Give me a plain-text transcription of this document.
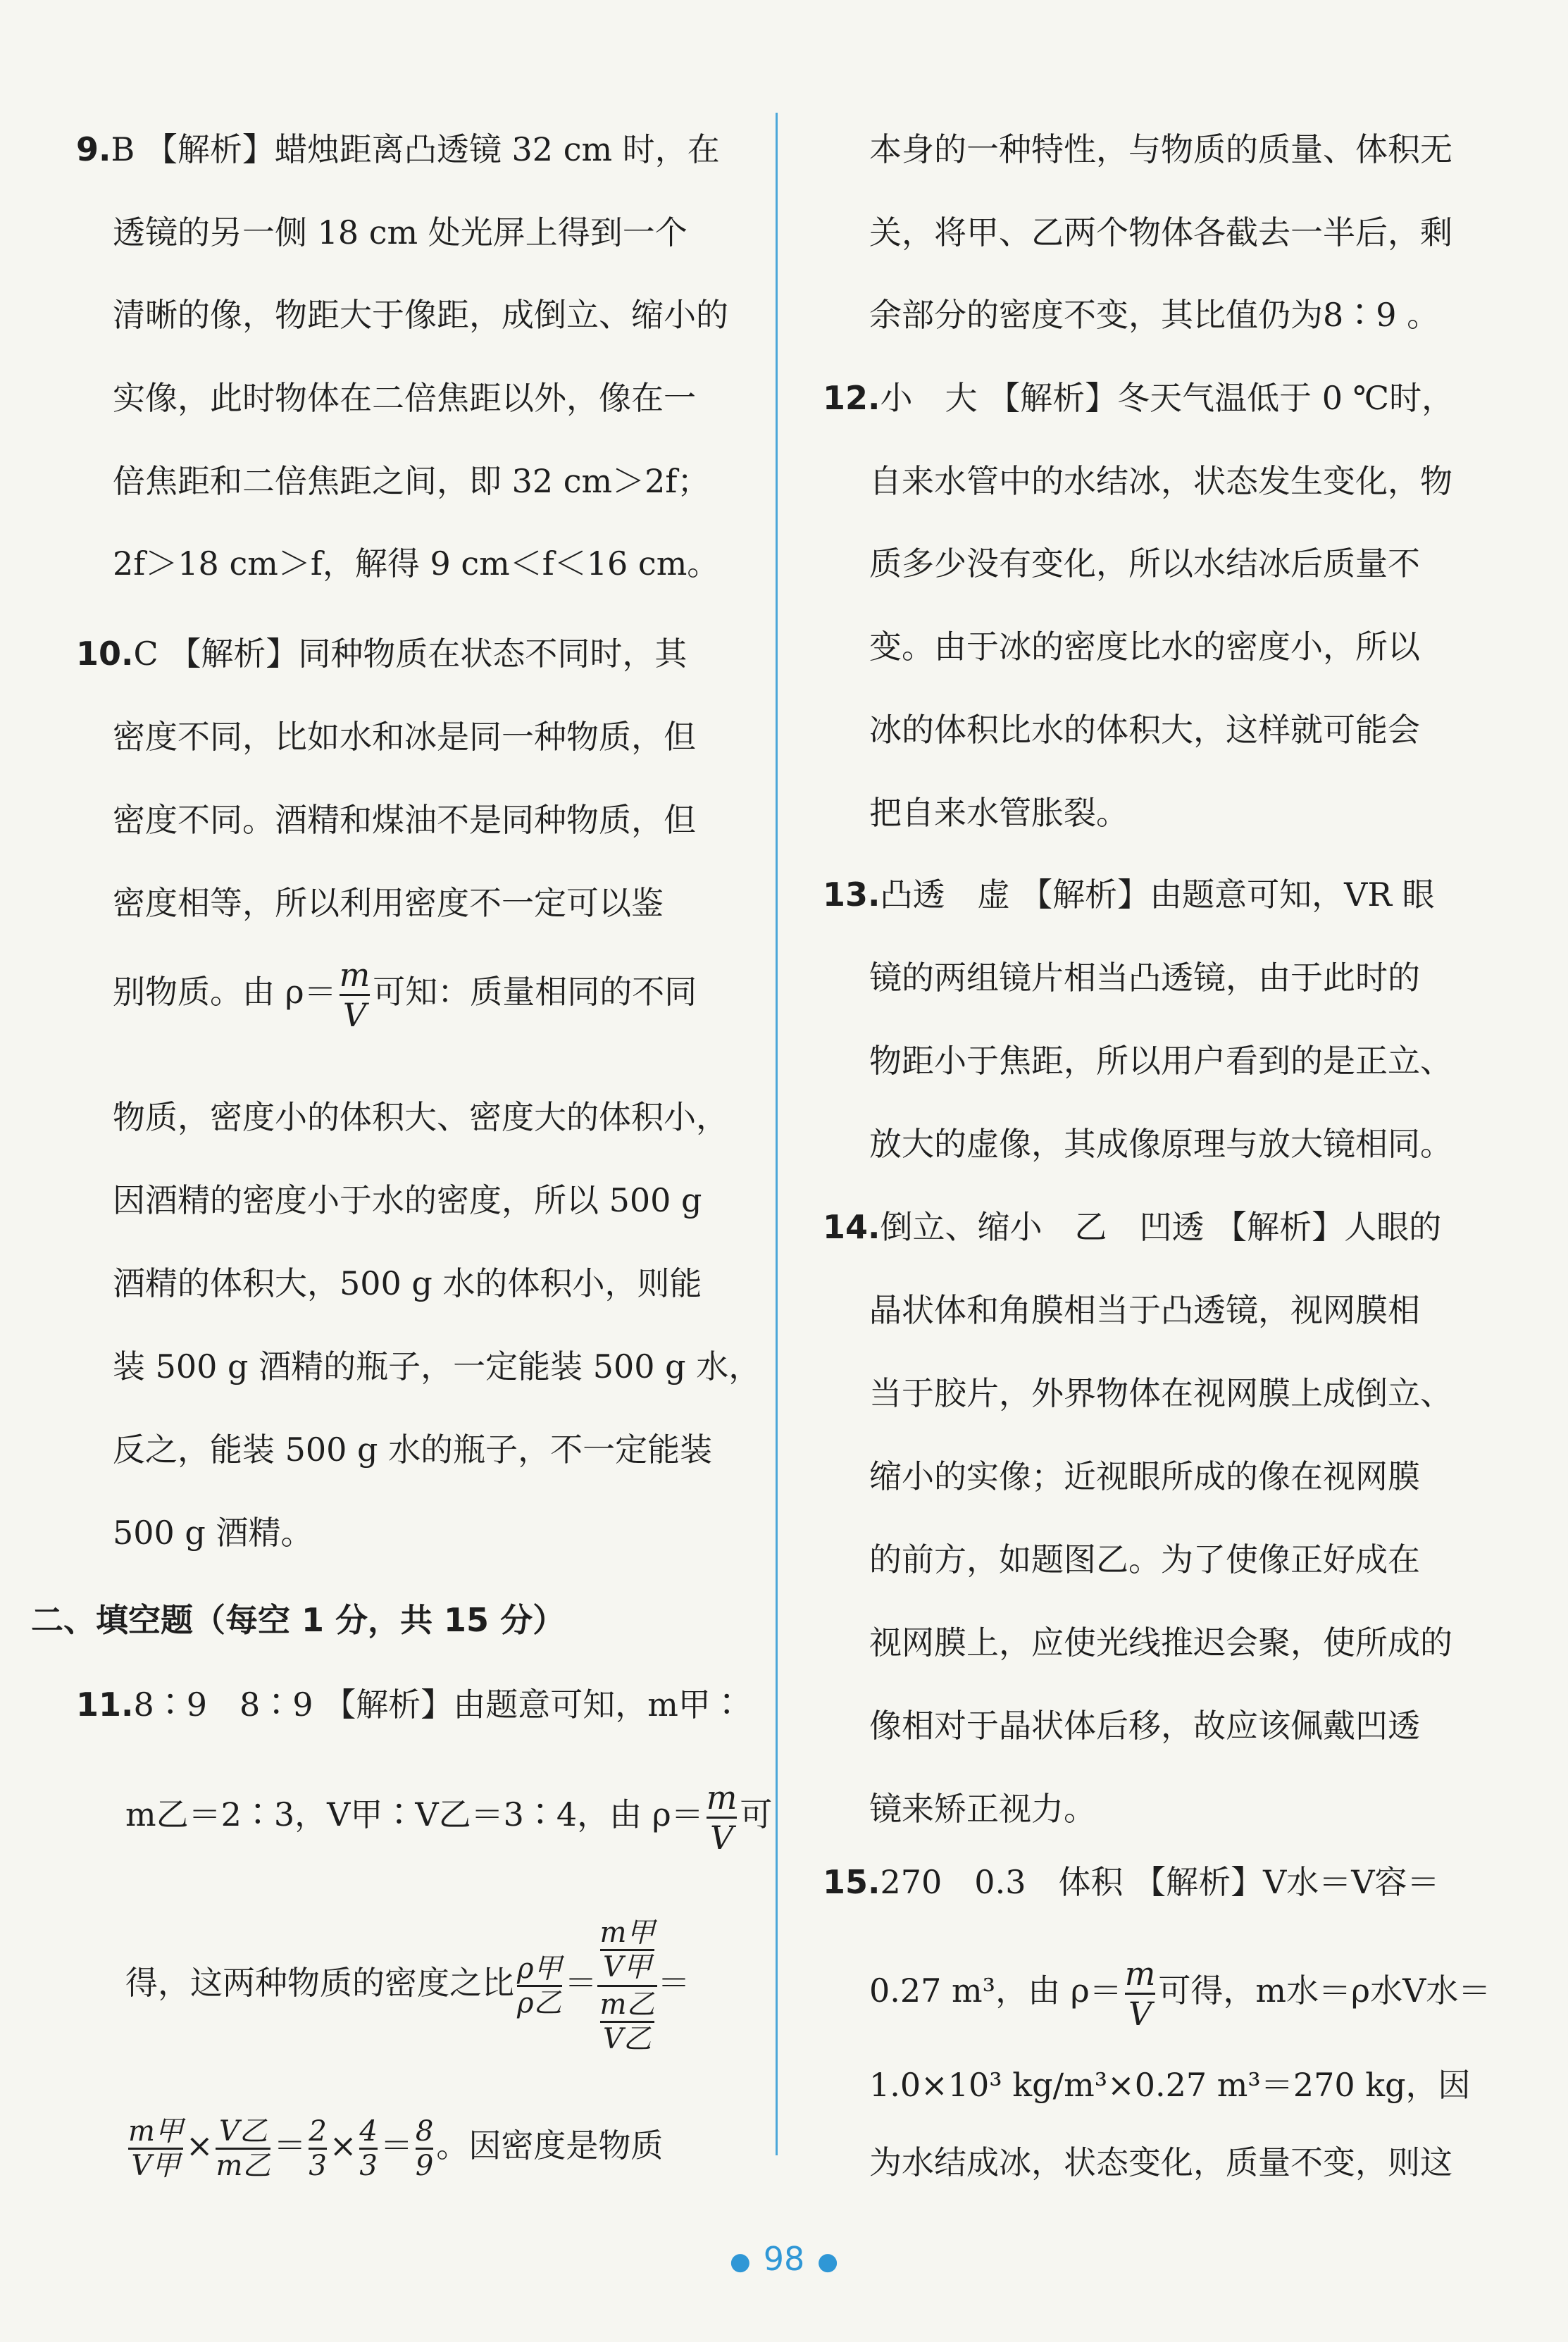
9.B 【解析】蜡烛距离凸透镜 32 cm 时，在
透镜的另一侧 18 cm 处光屏上得到一个
清晰的像，物距大于像距，成倒立、缩小的
实像，此时物体在二倍焦距以外，像在一
倍焦距和二倍焦距之间，即 32 cm＞2f；
2f＞18 cm＞f，解得 9 cm＜f＜16 cm。
10.C 【解析】同种物质在状态不同时，其
密度不同，比如水和冰是同一种物质，但
密度不同。酒精和煤油不是同种物质，但
密度相等，所以利用密度不一定可以鉴
别物质。由 $\rho= \frac{m}{V}$ 可知：质量相同的不同
物质，密度小的体积大、密度大的体积小，
因酒精的密度小于水的密度，所以 500 g
酒精的体积大，500 g 水的体积小，则能
装 500 g 酒精的瓶子，一定能装 500 g 水，
反之，能装 500 g 水的瓶子，不一定能装
500 g 酒精。
二、填空题（每空 1 分，共 15 分）
11.8∶9　8∶9 【解析】由题意可知，m甲∶
m乙＝2∶3，V甲∶V乙＝3∶4，由 $\rho= \frac{m}{V}$ 可
得，这两种物质的密度之比 $\frac{\text{ρ甲}}{\text{ρ乙}}$ ＝
m甲
V甲
m乙
V乙
＝
$\frac{\text{m甲}}{\text{V甲}} \times \frac{\text{V乙}}{\text{m乙}} = \frac{2}{3} \times \frac{4}{3} = \frac{8}{9}$ 。因密度是物质
本身的一种特性，与物质的质量、体积无
关，将甲、乙两个物体各截去一半后，剩
余部分的密度不变，其比值仍为8∶9 。
12.小　大 【解析】冬天气温低于 0 ℃时，
自来水管中的水结冰，状态发生变化，物
质多少没有变化，所以水结冰后质量不
变。由于冰的密度比水的密度小，所以
冰的体积比水的体积大，这样就可能会
把自来水管胀裂。
13.凸透　虚 【解析】由题意可知，VR 眼
镜的两组镜片相当凸透镜，由于此时的
物距小于焦距，所以用户看到的是正立、
放大的虚像，其成像原理与放大镜相同。
14.倒立、缩小　乙　凹透 【解析】人眼的
晶状体和角膜相当于凸透镜，视网膜相
当于胶片，外界物体在视网膜上成倒立、
缩小的实像；近视眼所成的像在视网膜
的前方，如题图乙。为了使像正好成在
视网膜上，应使光线推迟会聚，使所成的
像相对于晶状体后移，故应该佩戴凹透
镜来矫正视力。
15.270　0.3　体积 【解析】V水＝V容＝
0.27 m³，由 $\rho= \frac{m}{V}$ 可得，m水＝ρ水V水＝
1.0×10³ kg/m³×0.27 m³＝270 kg，因
为水结成冰，状态变化，质量不变，则这
● 98 ●
